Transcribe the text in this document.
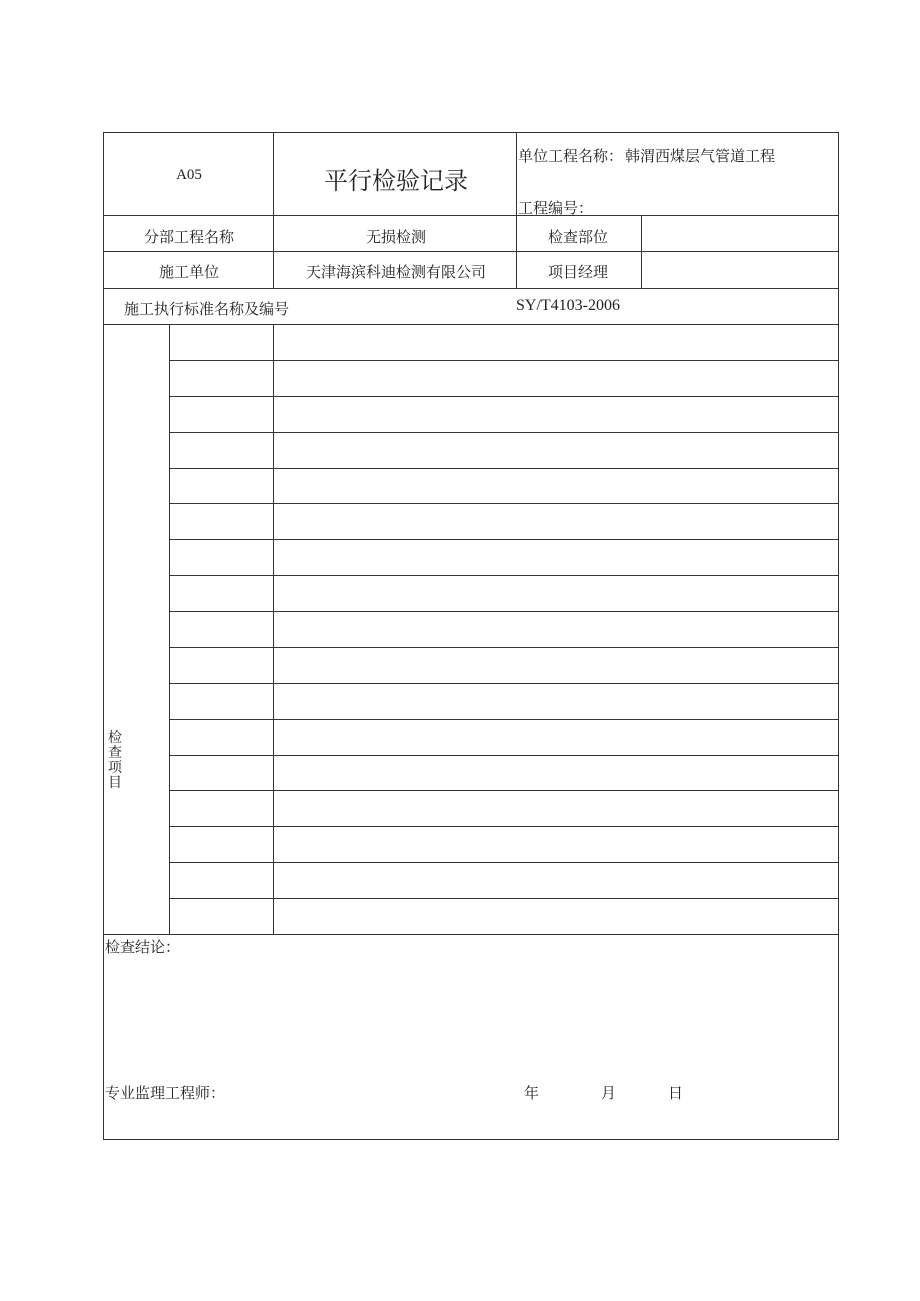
A05	平行检验记录
单位工程名称： 韩渭西煤层气管道工程
工程编号：
分部工程名称	无损检测	检查部位
施工单位	天津海滨科迪检测有限公司	项目经理
施工执行标准名称及编号	SY/T4103-2006
检
查
项
目
检查结论：
专业监理工程师：	年	月	日
